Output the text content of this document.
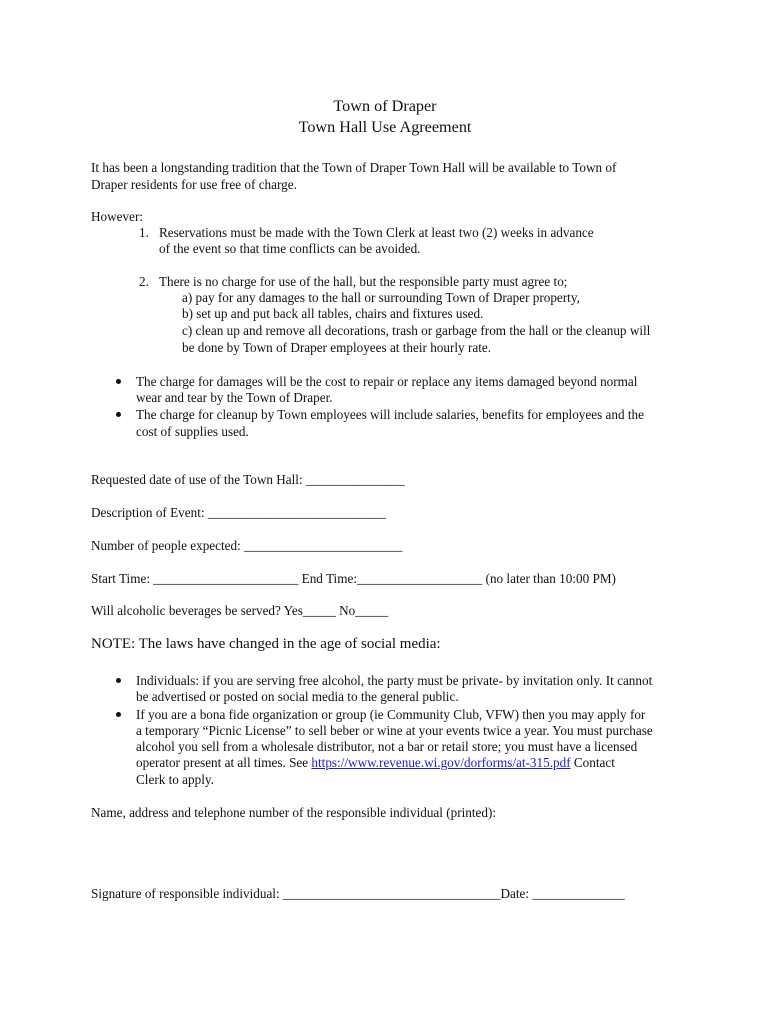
Town of Draper
Town Hall Use Agreement
It has been a longstanding tradition that the Town of Draper Town Hall will be available to Town of
Draper residents for use free of charge.
However:
1. Reservations must be made with the Town Clerk at least two (2) weeks in advance
of the event so that time conflicts can be avoided.
2. There is no charge for use of the hall, but the responsible party must agree to;
a) pay for any damages to the hall or surrounding Town of Draper property,
b) set up and put back all tables, chairs and fixtures used.
c) clean up and remove all decorations, trash or garbage from the hall or the cleanup will
be done by Town of Draper employees at their hourly rate.
The charge for damages will be the cost to repair or replace any items damaged beyond normal
wear and tear by the Town of Draper.
The charge for cleanup by Town employees will include salaries, benefits for employees and the
cost of supplies used.
Requested date of use of the Town Hall: _______________
Description of Event: ___________________________
Number of people expected: ________________________
Start Time: ______________________ End Time:___________________ (no later than 10:00 PM)
Will alcoholic beverages be served? Yes_____ No_____
NOTE: The laws have changed in the age of social media:
Individuals: if you are serving free alcohol, the party must be private- by invitation only. It cannot
be advertised or posted on social media to the general public.
If you are a bona fide organization or group (ie Community Club, VFW) then you may apply for
a temporary “Picnic License” to sell beber or wine at your events twice a year. You must purchase
alcohol you sell from a wholesale distributor, not a bar or retail store; you must have a licensed
operator present at all times. See https://www.revenue.wi.gov/dorforms/at-315.pdf Contact
Clerk to apply.
Name, address and telephone number of the responsible individual (printed):
Signature of responsible individual: _________________________________Date: ______________
